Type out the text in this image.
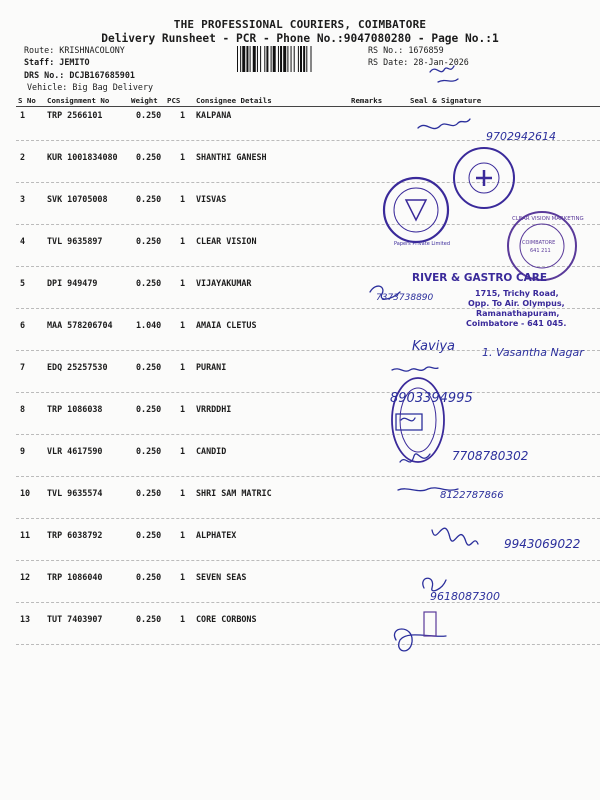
THE PROFESSIONAL COURIERS, COIMBATORE
Delivery Runsheet - PCR - Phone No.:9047080280 - Page No.:1
Route: KRISHNACOLONY
Staff: JEMITO
DRS No.: DCJB167685901
Vehicle: Big Bag Delivery
RS No.: 1676859
RS Date: 28-Jan-2026
S No Consignment No	Weight PCS Consignee Details	Remarks	Seal & Signature
1	TRP 2566101	0.250 1 KALPANA
2	KUR 1001834080 0.250 1 SHANTHI GANESH
3	SVK 10705008	0.250 1 VISVAS
4	TVL 9635897	0.250 1 CLEAR VISION
5	DPI 949479	0.250 1 VIJAYAKUMAR
6	MAA 578206704	1.040 1 AMAIA CLETUS
7	EDQ 25257530	0.250 1 PURANI
8	TRP 1086038	0.250 1 VRRDDHI
9	VLR 4617590	0.250 1 CANDID
10 TVL 9635574	0.250 1 SHRI SAM MATRIC
11 TRP 6038792	0.250 1 ALPHATEX
12 TRP 1086040	0.250 1 SEVEN SEAS
13 TUT 7403907	0.250 1 CORE CORBONS
Papers Private Limited
CLEAR VISION MARKETING
COIMBATORE
641 211
RIVER & GASTRO CARE
1715, Trichy Road,
Opp. To Air. Olympus,
Ramanathapuram,
Coimbatore - 641 045.
9702942614
7373738890
Kaviya 1. Vasantha Nagar
8903394995
7708780302
8122787866
9943069022
9618087300
